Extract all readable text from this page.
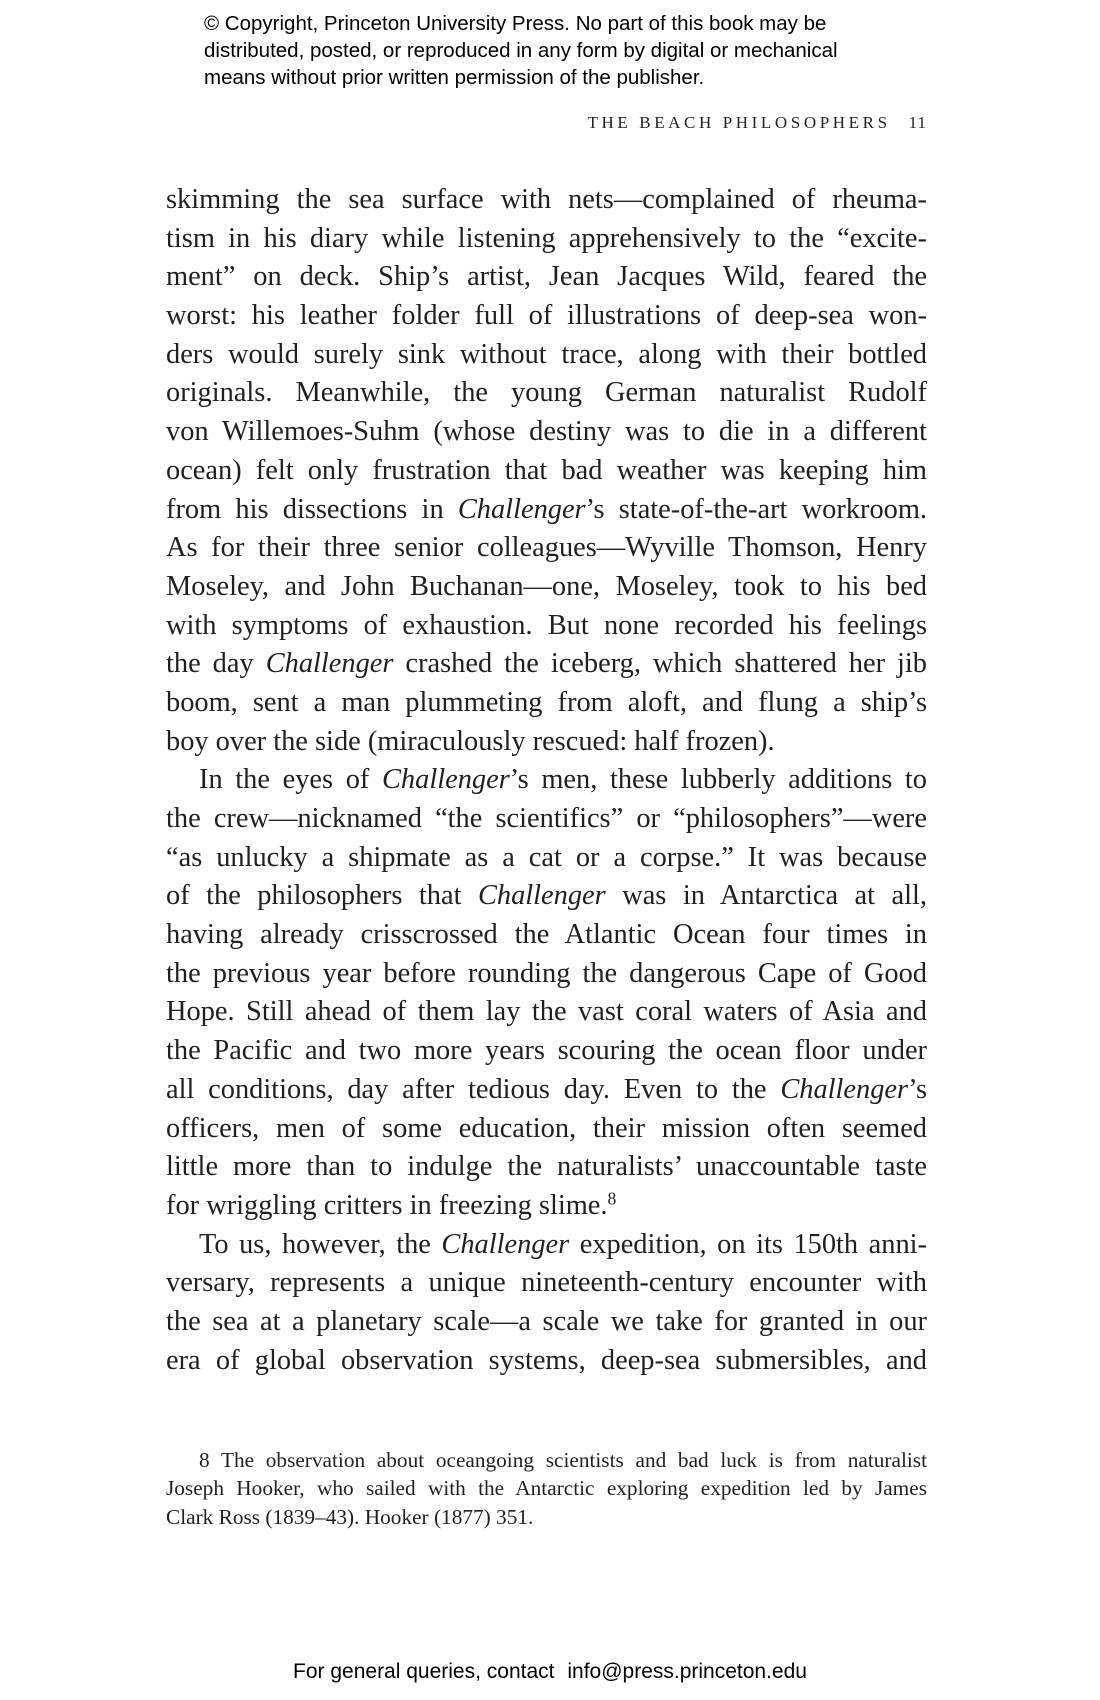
© Copyright, Princeton University Press. No part of this book may be
distributed, posted, or reproduced in any form by digital or mechanical
means without prior written permission of the publisher.
THE BEACH PHILOSOPHERS 11
skimming the sea surface with nets—complained of rheuma-
tism in his diary while listening apprehensively to the “excite-
ment” on deck. Ship’s artist, Jean Jacques Wild, feared the
worst: his leather folder full of illustrations of deep-sea won-
ders would surely sink without trace, along with their bottled
originals. Meanwhile, the young German naturalist Rudolf
von Willemoes-Suhm (whose destiny was to die in a different
ocean) felt only frustration that bad weather was keeping him
from his dissections in Challenger’s state-of-the-art workroom.
As for their three senior colleagues—Wyville Thomson, Henry
Moseley, and John Buchanan—one, Moseley, took to his bed
with symptoms of exhaustion. But none recorded his feelings
the day Challenger crashed the iceberg, which shattered her jib
boom, sent a man plummeting from aloft, and flung a ship’s
boy over the side (miraculously rescued: half frozen).
In the eyes of Challenger’s men, these lubberly additions to
the crew—nicknamed “the scientifics” or “philosophers”—were
“as unlucky a shipmate as a cat or a corpse.” It was because
of the philosophers that Challenger was in Antarctica at all,
having already crisscrossed the Atlantic Ocean four times in
the previous year before rounding the dangerous Cape of Good
Hope. Still ahead of them lay the vast coral waters of Asia and
the Pacific and two more years scouring the ocean floor under
all conditions, day after tedious day. Even to the Challenger’s
officers, men of some education, their mission often seemed
little more than to indulge the naturalists’ unaccountable taste
for wriggling critters in freezing slime.$^8$
To us, however, the Challenger expedition, on its 150th anni-
versary, represents a unique nineteenth-century encounter with
the sea at a planetary scale—a scale we take for granted in our
era of global observation systems, deep-sea submersibles, and
8 The observation about oceangoing scientists and bad luck is from naturalist
Joseph Hooker, who sailed with the Antarctic exploring expedition led by James
Clark Ross (1839–43). Hooker (1877) 351.
For general queries, contact info@press.princeton.edu
